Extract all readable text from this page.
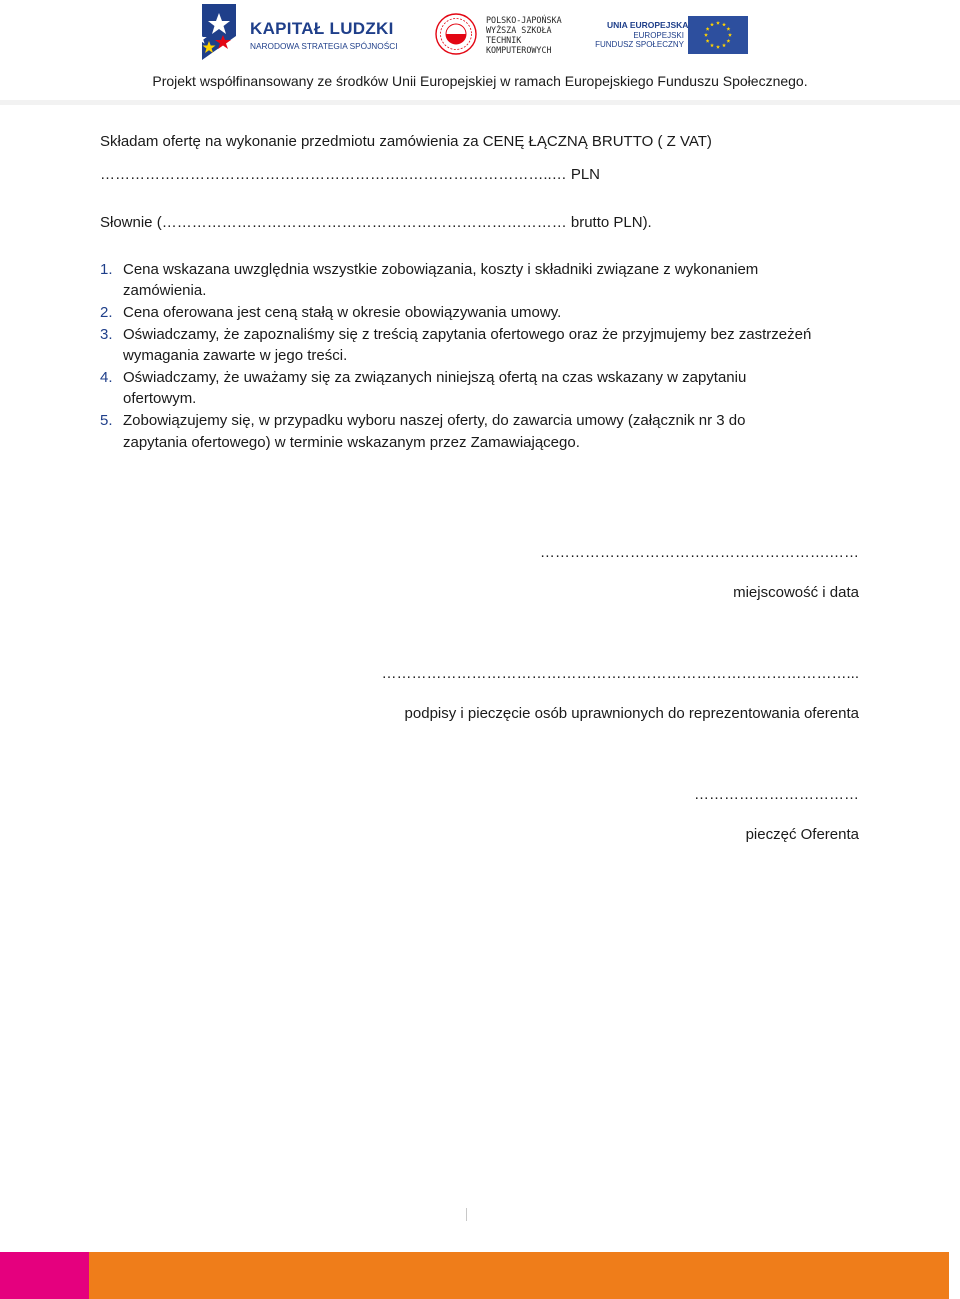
KAPITAŁ LUDZKI
NARODOWA STRATEGIA SPÓJNOŚCI
POLSKO-JAPOŃSKA
WYŻSZA SZKOŁA
TECHNIK
KOMPUTEROWYCH
UNIA EUROPEJSKA
EUROPEJSKI
FUNDUSZ SPOŁECZNY
Projekt współfinansowany ze środków Unii Europejskiej w ramach Europejskiego Funduszu Społecznego.

Składam ofertę na wykonanie przedmiotu zamówienia za CENĘ ŁĄCZNĄ BRUTTO ( Z VAT)

……………………………………………………..………………………..… PLN

Słownie (……………………………………………………………………… brutto PLN).

1. Cena wskazana uwzględnia wszystkie zobowiązania, koszty i składniki związane z wykonaniem
zamówienia.
2. Cena oferowana jest ceną stałą w okresie obowiązywania umowy.
3. Oświadczamy, że zapoznaliśmy się z treścią zapytania ofertowego oraz że przyjmujemy bez zastrzeżeń
wymagania zawarte w jego treści.
4. Oświadczamy, że uważamy się za związanych niniejszą ofertą na czas wskazany w zapytaniu
ofertowym.
5. Zobowiązujemy się, w przypadku wyboru naszej oferty, do zawarcia umowy (załącznik nr 3 do
zapytania ofertowego) w terminie wskazanym przez Zamawiającego.
………………………………………………….……
miejscowość i data
…………………………………………………………………………………...
podpisy i pieczęcie osób uprawnionych do reprezentowania oferenta
……………………………
pieczęć Oferenta
